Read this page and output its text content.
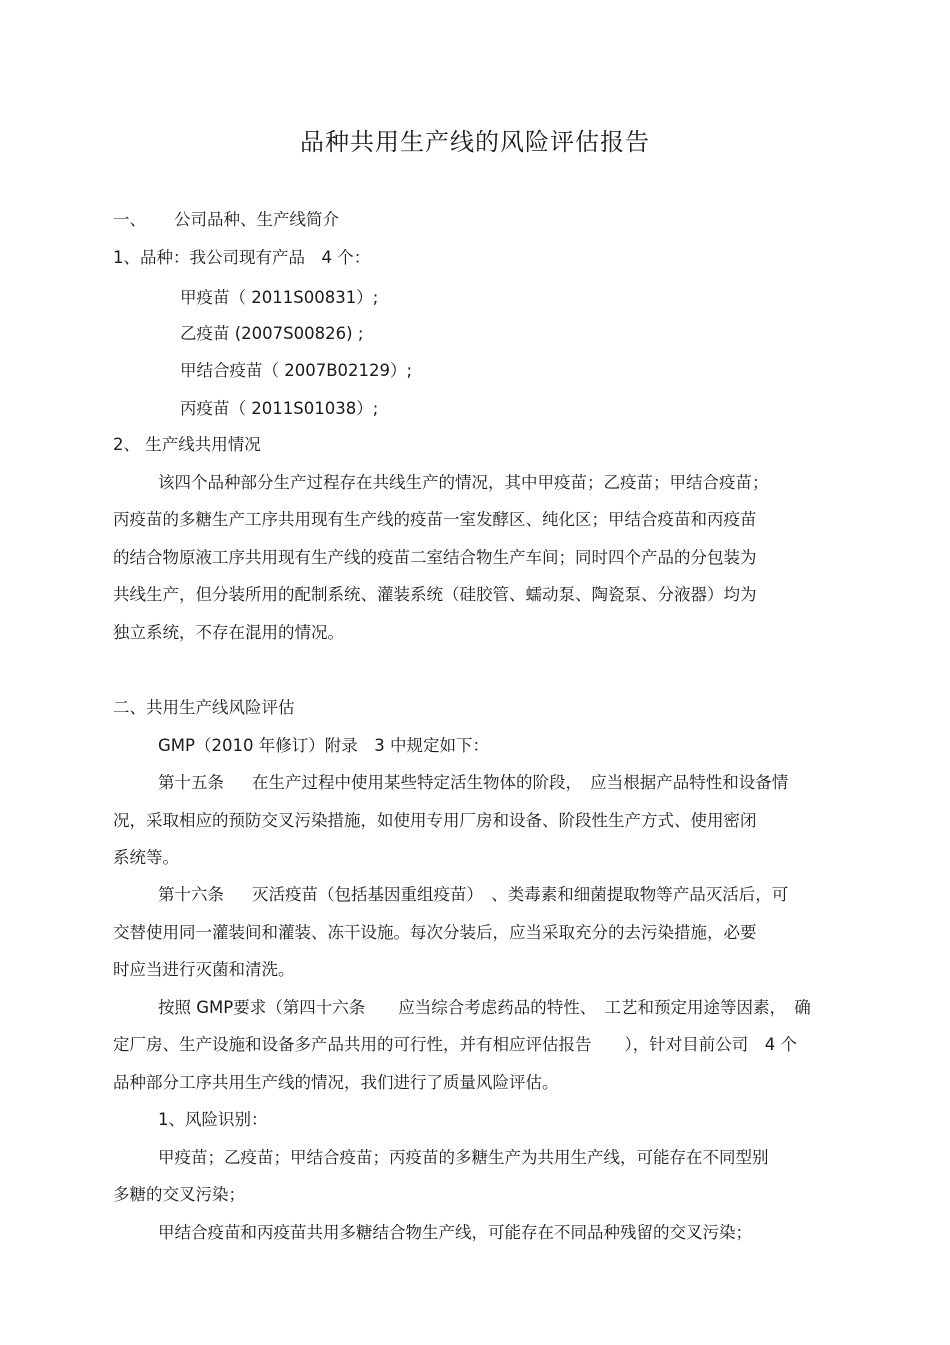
品种共用生产线的风险评估报告
一、 公司品种、生产线简介
1、品种：我公司现有产品　4 个：
甲疫苗（ 2011S00831）;
乙疫苗 (2007S00826) ;
甲结合疫苗（ 2007B02129）;
丙疫苗（ 2011S01038）;
2、 生产线共用情况
该四个品种部分生产过程存在共线生产的情况，其中甲疫苗；乙疫苗；甲结合疫苗；
丙疫苗的多糖生产工序共用现有生产线的疫苗一室发酵区、纯化区；甲结合疫苗和丙疫苗
的结合物原液工序共用现有生产线的疫苗二室结合物生产车间；同时四个产品的分包装为
共线生产，但分装所用的配制系统、灌装系统（硅胶管、蠕动泵、陶瓷泵、分液器）均为
独立系统，不存在混用的情况。
二、共用生产线风险评估
GMP（2010 年修订）附录　3 中规定如下：
第十五条 在生产过程中使用某些特定活生物体的阶段，　应当根据产品特性和设备情
况，采取相应的预防交叉污染措施，如使用专用厂房和设备、阶段性生产方式、使用密闭
系统等。
第十六条 灭活疫苗（包括基因重组疫苗）　、类毒素和细菌提取物等产品灭活后，可
交替使用同一灌装间和灌装、冻干设施。每次分装后，应当采取充分的去污染措施，必要
时应当进行灭菌和清洗。
按照 GMP要求（第四十六条　　应当综合考虑药品的特性、　工艺和预定用途等因素，　确
定厂房、生产设施和设备多产品共用的可行性，并有相应评估报告　　），针对目前公司　4 个
品种部分工序共用生产线的情况，我们进行了质量风险评估。
1、风险识别：
甲疫苗；乙疫苗；甲结合疫苗；丙疫苗的多糖生产为共用生产线，可能存在不同型别
多糖的交叉污染；
甲结合疫苗和丙疫苗共用多糖结合物生产线，可能存在不同品种残留的交叉污染；
